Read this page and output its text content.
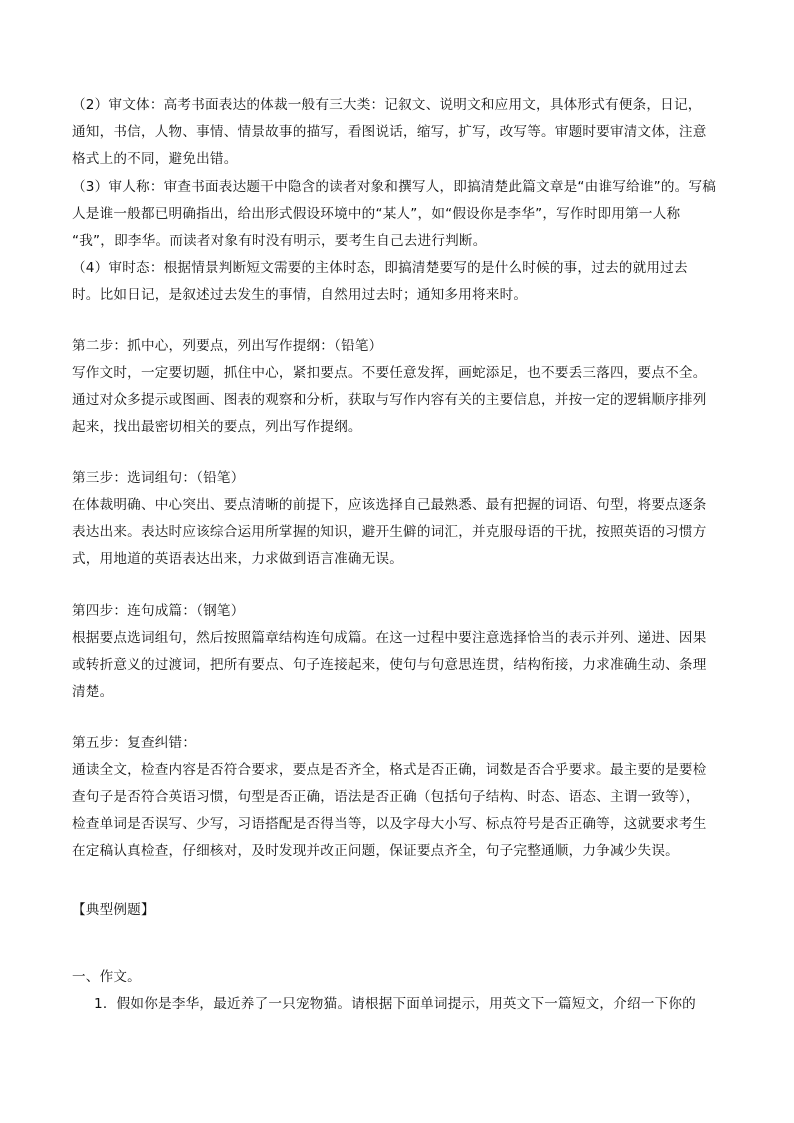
（2）审文体：高考书面表达的体裁一般有三大类：记叙文、说明文和应用文，具体形式有便条，日记，
通知，书信，人物、事情、情景故事的描写，看图说话，缩写，扩写，改写等。审题时要审清文体，注意
格式上的不同，避免出错。
（3）审人称：审查书面表达题干中隐含的读者对象和撰写人，即搞清楚此篇文章是“由谁写给谁”的。写稿
人是谁一般都已明确指出，给出形式假设环境中的“某人”，如“假设你是李华”，写作时即用第一人称
“我”，即李华。而读者对象有时没有明示，要考生自己去进行判断。
（4）审时态：根据情景判断短文需要的主体时态，即搞清楚要写的是什么时候的事，过去的就用过去
时。比如日记，是叙述过去发生的事情，自然用过去时；通知多用将来时。
第二步：抓中心，列要点，列出写作提纲：（铅笔）
写作文时，一定要切题，抓住中心，紧扣要点。不要任意发挥，画蛇添足，也不要丢三落四，要点不全。
通过对众多提示或图画、图表的观察和分析，获取与写作内容有关的主要信息，并按一定的逻辑顺序排列
起来，找出最密切相关的要点，列出写作提纲。
第三步：选词组句：（铅笔）
在体裁明确、中心突出、要点清晰的前提下，应该选择自己最熟悉、最有把握的词语、句型，将要点逐条
表达出来。表达时应该综合运用所掌握的知识，避开生僻的词汇，并克服母语的干扰，按照英语的习惯方
式，用地道的英语表达出来，力求做到语言准确无误。
第四步：连句成篇：（钢笔）
根据要点选词组句，然后按照篇章结构连句成篇。在这一过程中要注意选择恰当的表示并列、递进、因果
或转折意义的过渡词，把所有要点、句子连接起来，使句与句意思连贯，结构衔接，力求准确生动、条理
清楚。
第五步：复查纠错：
通读全文，检查内容是否符合要求，要点是否齐全，格式是否正确，词数是否合乎要求。最主要的是要检
查句子是否符合英语习惯，句型是否正确，语法是否正确（包括句子结构、时态、语态、主谓一致等），
检查单词是否误写、少写，习语搭配是否得当等，以及字母大小写、标点符号是否正确等，这就要求考生
在定稿认真检查，仔细核对，及时发现并改正问题，保证要点齐全，句子完整通顺，力争减少失误。
【典型例题】
一、作文。
1．假如你是李华，最近养了一只宠物猫。请根据下面单词提示，用英文下一篇短文，介绍一下你的
